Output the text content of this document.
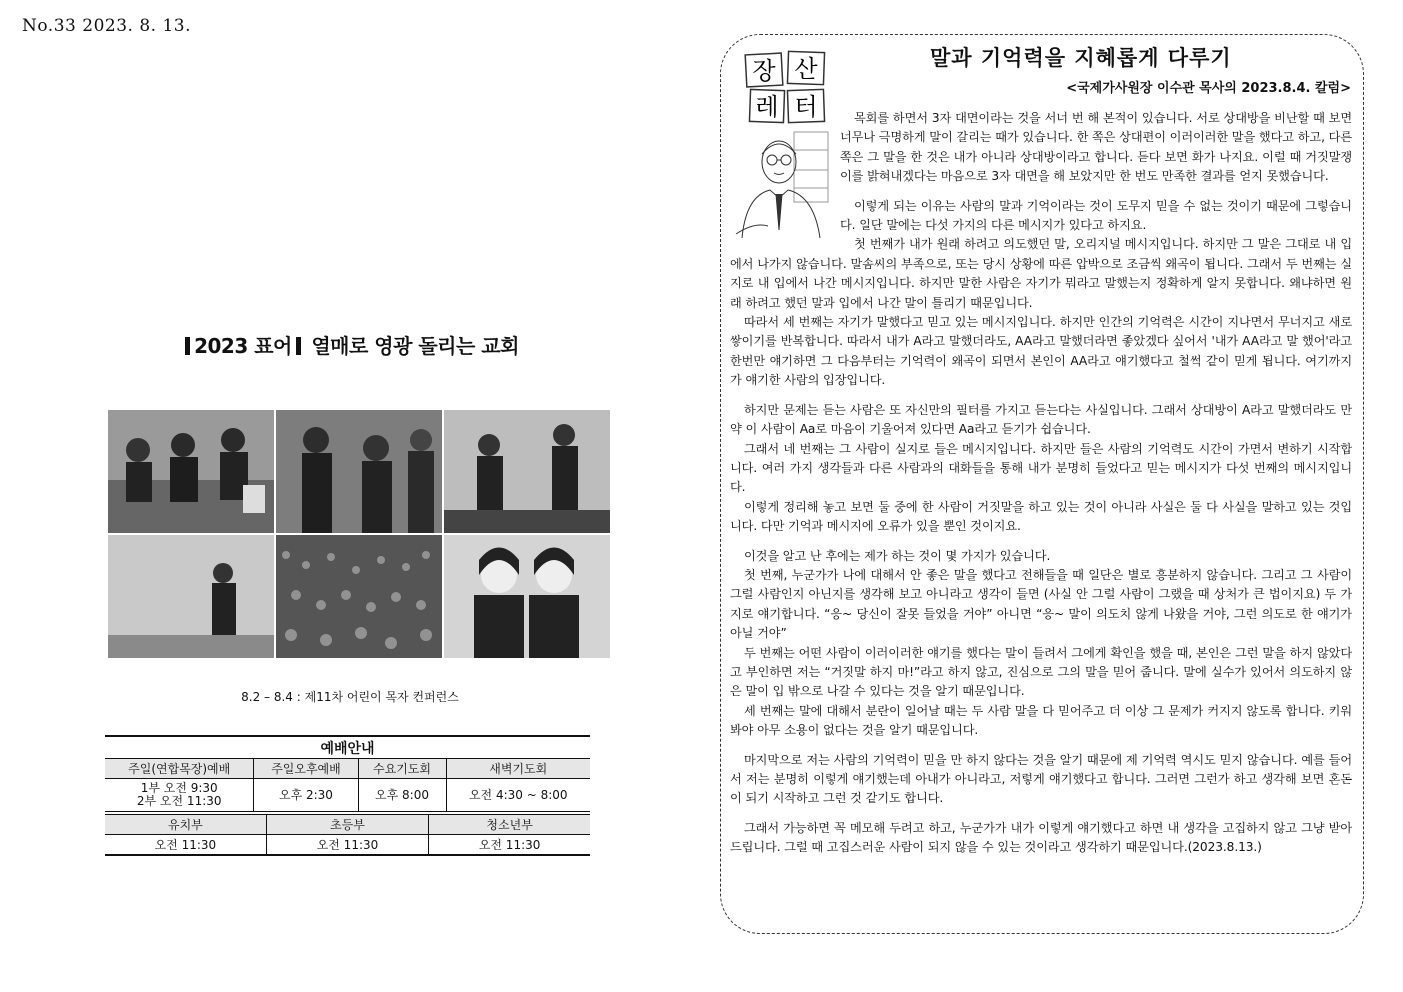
No.33 2023. 8. 13.
2023 표어 열매로 영광 돌리는 교회
8.2 – 8.4 : 제11차 어린이 목자 컨퍼런스
예배안내
주일(연합목장)예배	주일오후예배	수요기도회	새벽기도회
1부 오전 9:30
2부 오전 11:30	오후 2:30	오후 8:00	오전 4:30 ~ 8:00
유치부	초등부	청소년부
오전 11:30	오전 11:30	오전 11:30
장 산
레 터
말과 기억력을 지혜롭게 다루기
<국제가사원장 이수관 목사의 2023.8.4. 칼럼>

목회를 하면서 3자 대면이라는 것을 서너 번 해 본적이 있습니다. 서로 상대방을 비난할 때 보면 너무나 극명하게 말이 갈리는 때가 있습니다. 한 쪽은 상대편이 이러이러한 말을 했다고 하고, 다른 쪽은 그 말을 한 것은 내가 아니라 상대방이라고 합니다. 듣다 보면 화가 나지요. 이럴 때 거짓말쟁이를 밝혀내겠다는 마음으로 3자 대면을 해 보았지만 한 번도 만족한 결과를 얻지 못했습니다.

이렇게 되는 이유는 사람의 말과 기억이라는 것이 도무지 믿을 수 없는 것이기 때문에 그렇습니다. 일단 말에는 다섯 가지의 다른 메시지가 있다고 하지요.

첫 번째가 내가 원래 하려고 의도했던 말, 오리지널 메시지입니다. 하지만 그 말은 그대로 내 입에서 나가지 않습니다. 말솜씨의 부족으로, 또는 당시 상황에 따른 압박으로 조금씩 왜곡이 됩니다. 그래서 두 번째는 실지로 내 입에서 나간 메시지입니다. 하지만 말한 사람은 자기가 뭐라고 말했는지 정확하게 알지 못합니다. 왜냐하면 원래 하려고 했던 말과 입에서 나간 말이 틀리기 때문입니다.

따라서 세 번째는 자기가 말했다고 믿고 있는 메시지입니다. 하지만 인간의 기억력은 시간이 지나면서 무너지고 새로 쌓이기를 반복합니다. 따라서 내가 A라고 말했더라도, AA라고 말했더라면 좋았겠다 싶어서 '내가 AA라고 말 했어'라고 한번만 얘기하면 그 다음부터는 기억력이 왜곡이 되면서 본인이 AA라고 얘기했다고 철썩 같이 믿게 됩니다. 여기까지가 얘기한 사람의 입장입니다.

하지만 문제는 듣는 사람은 또 자신만의 필터를 가지고 듣는다는 사실입니다. 그래서 상대방이 A라고 말했더라도 만약 이 사람이 Aa로 마음이 기울어져 있다면 Aa라고 듣기가 쉽습니다.

그래서 네 번째는 그 사람이 실지로 들은 메시지입니다. 하지만 들은 사람의 기억력도 시간이 가면서 변하기 시작합니다. 여러 가지 생각들과 다른 사람과의 대화들을 통해 내가 분명히 들었다고 믿는 메시지가 다섯 번째의 메시지입니다.

이렇게 정리해 놓고 보면 둘 중에 한 사람이 거짓말을 하고 있는 것이 아니라 사실은 둘 다 사실을 말하고 있는 것입니다. 다만 기억과 메시지에 오류가 있을 뿐인 것이지요.

이것을 알고 난 후에는 제가 하는 것이 몇 가지가 있습니다.

첫 번째, 누군가가 나에 대해서 안 좋은 말을 했다고 전해들을 때 일단은 별로 흥분하지 않습니다. 그리고 그 사람이 그럴 사람인지 아닌지를 생각해 보고 아니라고 생각이 들면 (사실 안 그럴 사람이 그랬을 때 상처가 큰 법이지요) 두 가지로 얘기합니다. “응~ 당신이 잘못 들었을 거야” 아니면 “응~ 말이 의도치 않게 나왔을 거야, 그런 의도로 한 얘기가 아닐 거야”

두 번째는 어떤 사람이 이러이러한 얘기를 했다는 말이 들려서 그에게 확인을 했을 때, 본인은 그런 말을 하지 않았다고 부인하면 저는 “거짓말 하지 마!”라고 하지 않고, 진심으로 그의 말을 믿어 줍니다. 말에 실수가 있어서 의도하지 않은 말이 입 밖으로 나갈 수 있다는 것을 알기 때문입니다.

세 번째는 말에 대해서 분란이 일어날 때는 두 사람 말을 다 믿어주고 더 이상 그 문제가 커지지 않도록 합니다. 키워봐야 아무 소용이 없다는 것을 알기 때문입니다.

마지막으로 저는 사람의 기억력이 믿을 만 하지 않다는 것을 알기 때문에 제 기억력 역시도 믿지 않습니다. 예를 들어서 저는 분명히 이렇게 얘기했는데 아내가 아니라고, 저렇게 얘기했다고 합니다. 그러면 그런가 하고 생각해 보면 혼돈이 되기 시작하고 그런 것 같기도 합니다.

그래서 가능하면 꼭 메모해 두려고 하고, 누군가가 내가 이렇게 얘기했다고 하면 내 생각을 고집하지 않고 그냥 받아드립니다. 그럴 때 고집스러운 사람이 되지 않을 수 있는 것이라고 생각하기 때문입니다.(2023.8.13.)
